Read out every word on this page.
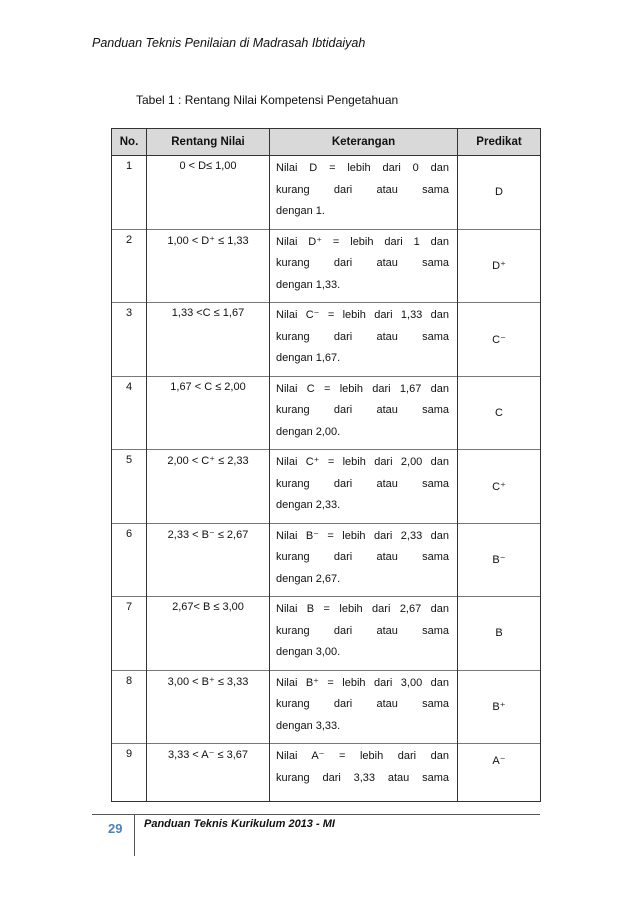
Panduan Teknis Penilaian di Madrasah Ibtidaiyah
Tabel 1 : Rentang Nilai Kompetensi Pengetahuan
No.	Rentang Nilai	Keterangan	Predikat
1	0 < D≤ 1,00	Nilai D = lebih dari 0 dan
kurang dari atau sama
dengan 1.	D
2	1,00 < D⁺ ≤ 1,33	Nilai D⁺ = lebih dari 1 dan
kurang dari atau sama
dengan 1,33.	D⁺
3	1,33 <C ≤ 1,67	Nilai C⁻ = lebih dari 1,33 dan
kurang dari atau sama
dengan 1,67.	C⁻
4	1,67 < C ≤ 2,00	Nilai C = lebih dari 1,67 dan
kurang dari atau sama
dengan 2,00.	C
5	2,00 < C⁺ ≤ 2,33	Nilai C⁺ = lebih dari 2,00 dan
kurang dari atau sama
dengan 2,33.	C⁺
6	2,33 < B⁻ ≤ 2,67	Nilai B⁻ = lebih dari 2,33 dan
kurang dari atau sama
dengan 2,67.	B⁻
7	2,67< B ≤ 3,00	Nilai B = lebih dari 2,67 dan
kurang dari atau sama
dengan 3,00.	B
8	3,00 < B⁺ ≤ 3,33	Nilai B⁺ = lebih dari 3,00 dan
kurang dari atau sama
dengan 3,33.	B⁺
9	3,33 < A⁻ ≤ 3,67	Nilai A⁻ = lebih dari dan
kurang dari 3,33 atau sama	A⁻
29 Panduan Teknis Kurikulum 2013 - MI
